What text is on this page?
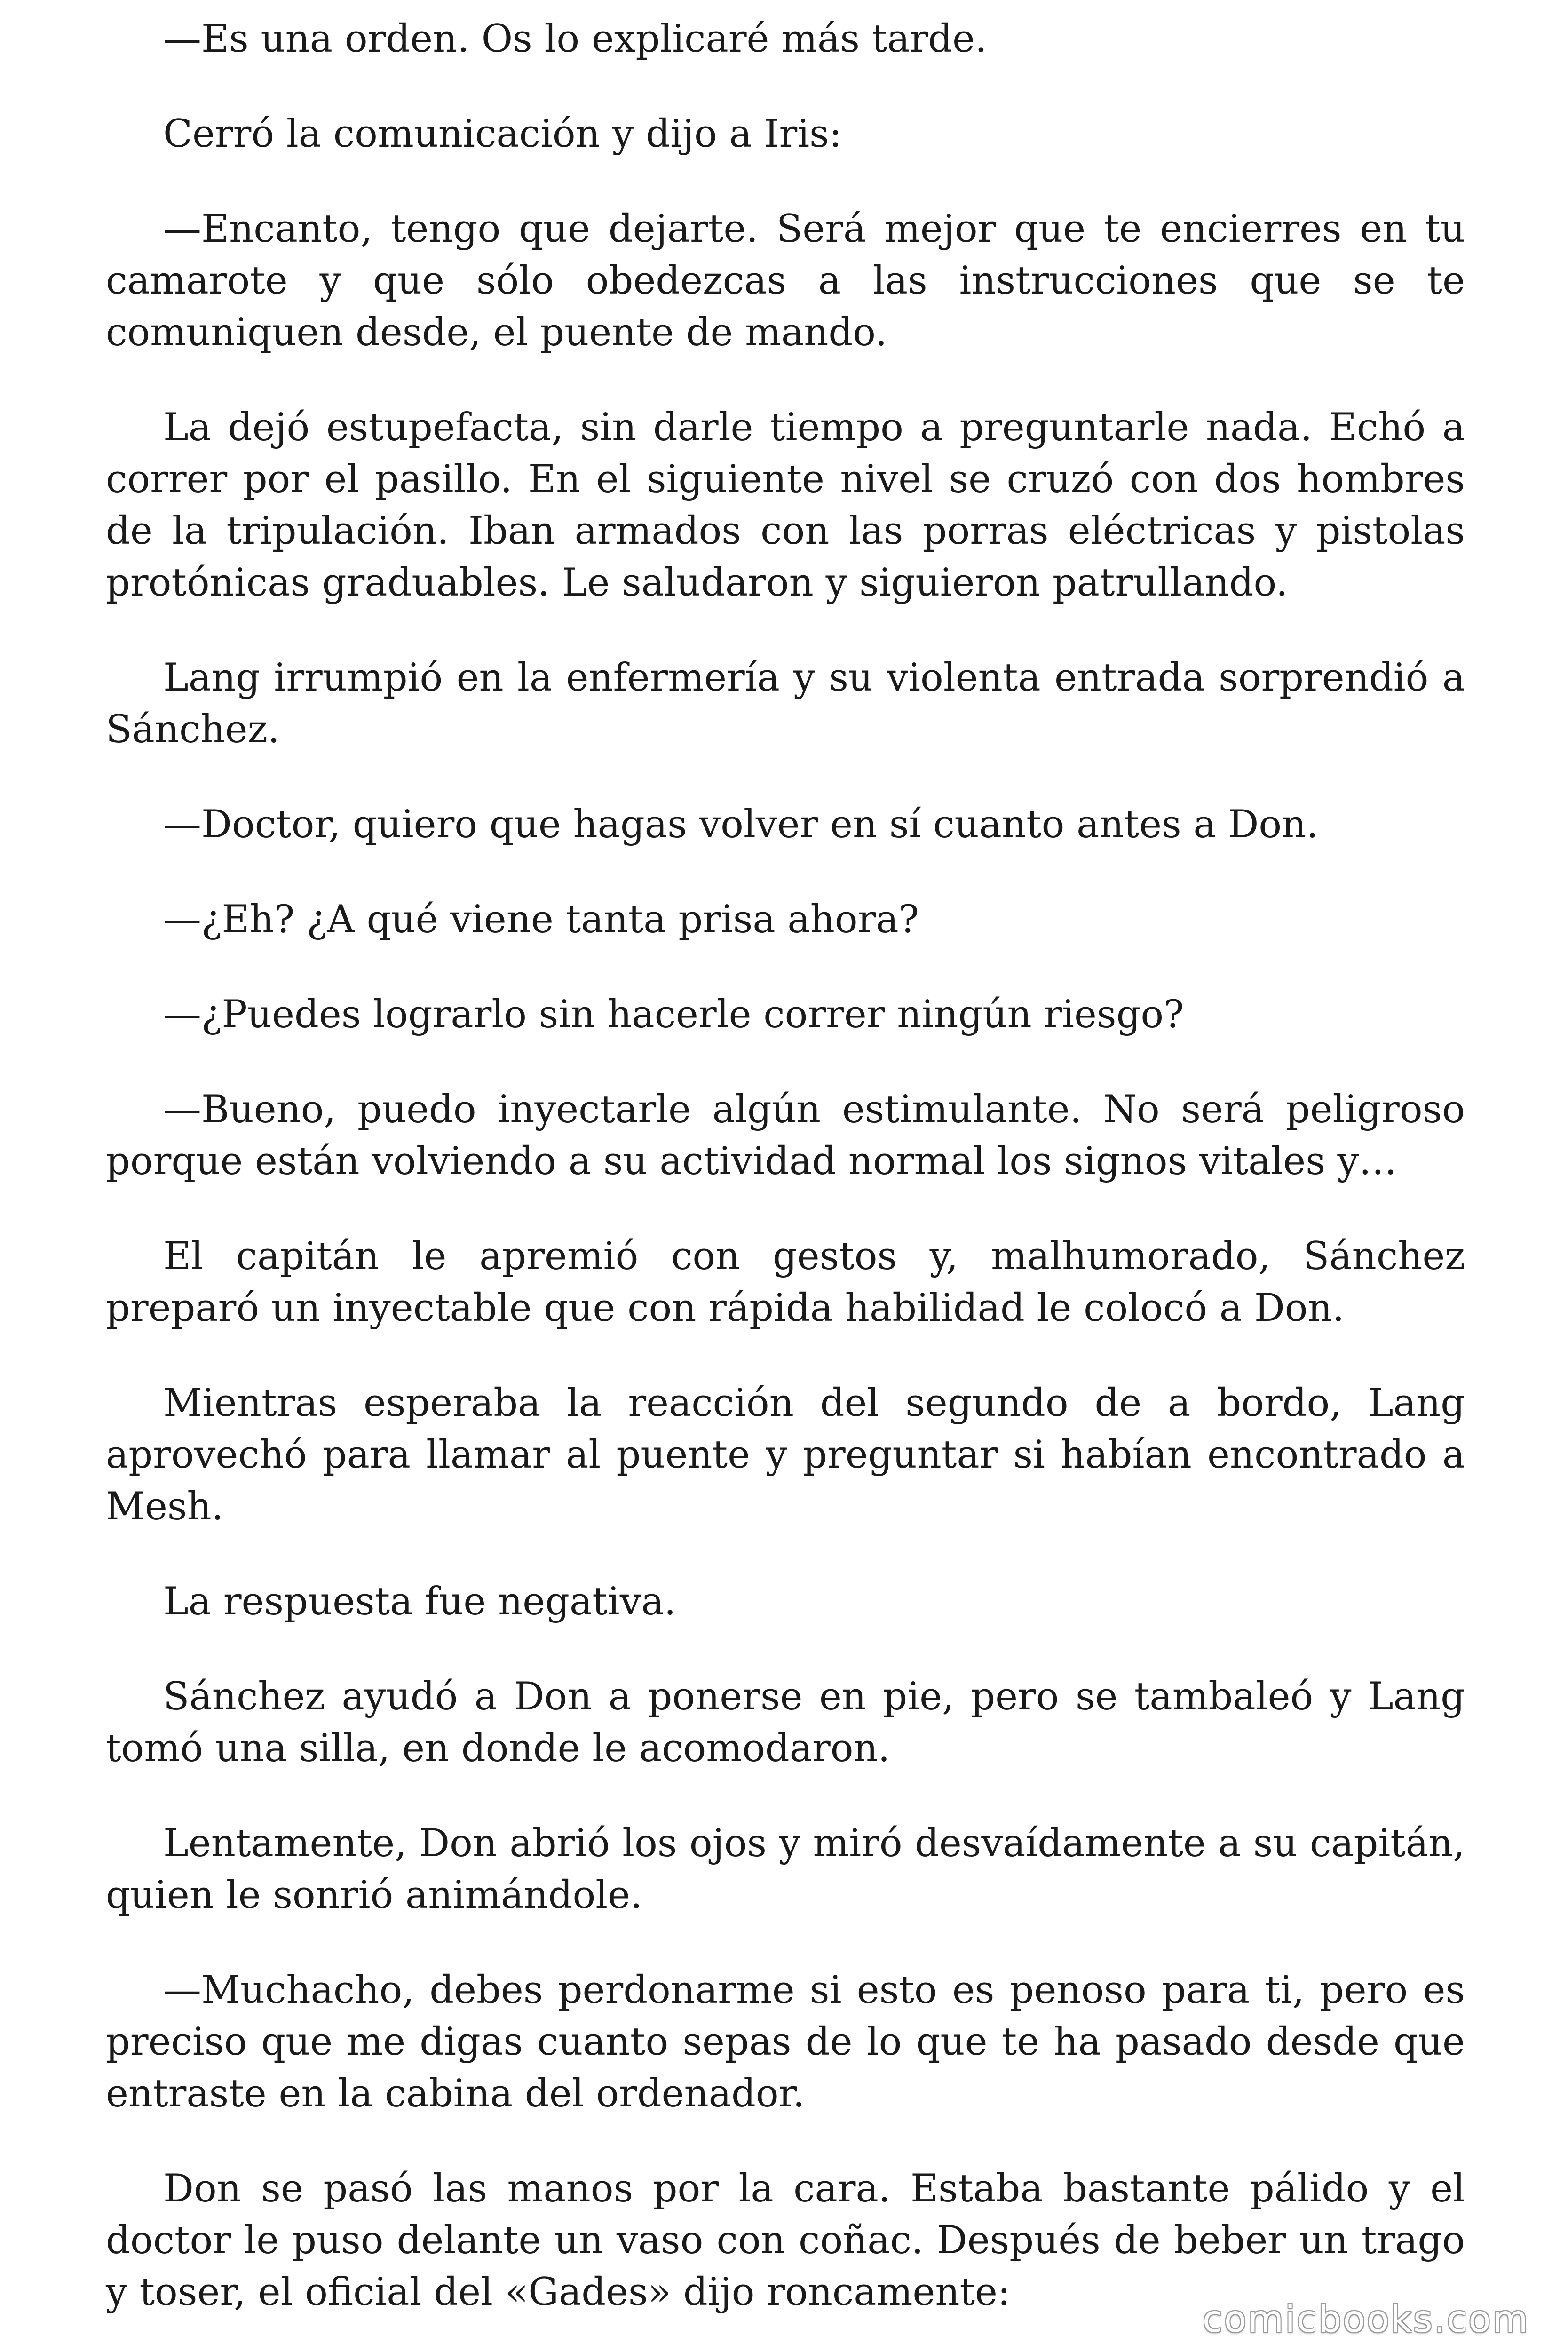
—Es una orden. Os lo explicaré más tarde.

Cerró la comunicación y dijo a Iris:

—Encanto, tengo que dejarte. Será mejor que te encierres en tu camarote y que sólo obedezcas a las instrucciones que se te comuniquen desde, el puente de mando.

La dejó estupefacta, sin darle tiempo a preguntarle nada. Echó a correr por el pasillo. En el siguiente nivel se cruzó con dos hombres de la tripulación. Iban armados con las porras eléctricas y pistolas protónicas graduables. Le saludaron y siguieron patrullando.

Lang irrumpió en la enfermería y su violenta entrada sorprendió a Sánchez.

—Doctor, quiero que hagas volver en sí cuanto antes a Don.

—¿Eh? ¿A qué viene tanta prisa ahora?

—¿Puedes lograrlo sin hacerle correr ningún riesgo?

—Bueno, puedo inyectarle algún estimulante. No será peligroso porque están volviendo a su actividad normal los signos vitales y…

El capitán le apremió con gestos y, malhumorado, Sánchez preparó un inyectable que con rápida habilidad le colocó a Don.

Mientras esperaba la reacción del segundo de a bordo, Lang aprovechó para llamar al puente y preguntar si habían encontrado a Mesh.

La respuesta fue negativa.

Sánchez ayudó a Don a ponerse en pie, pero se tambaleó y Lang tomó una silla, en donde le acomodaron.

Lentamente, Don abrió los ojos y miró desvaídamente a su capitán, quien le sonrió animándole.

—Muchacho, debes perdonarme si esto es penoso para ti, pero es preciso que me digas cuanto sepas de lo que te ha pasado desde que entraste en la cabina del ordenador.

Don se pasó las manos por la cara. Estaba bastante pálido y el doctor le puso delante un vaso con coñac. Después de beber un trago y toser, el oficial del «Gades» dijo roncamente:

comicbooks.com
